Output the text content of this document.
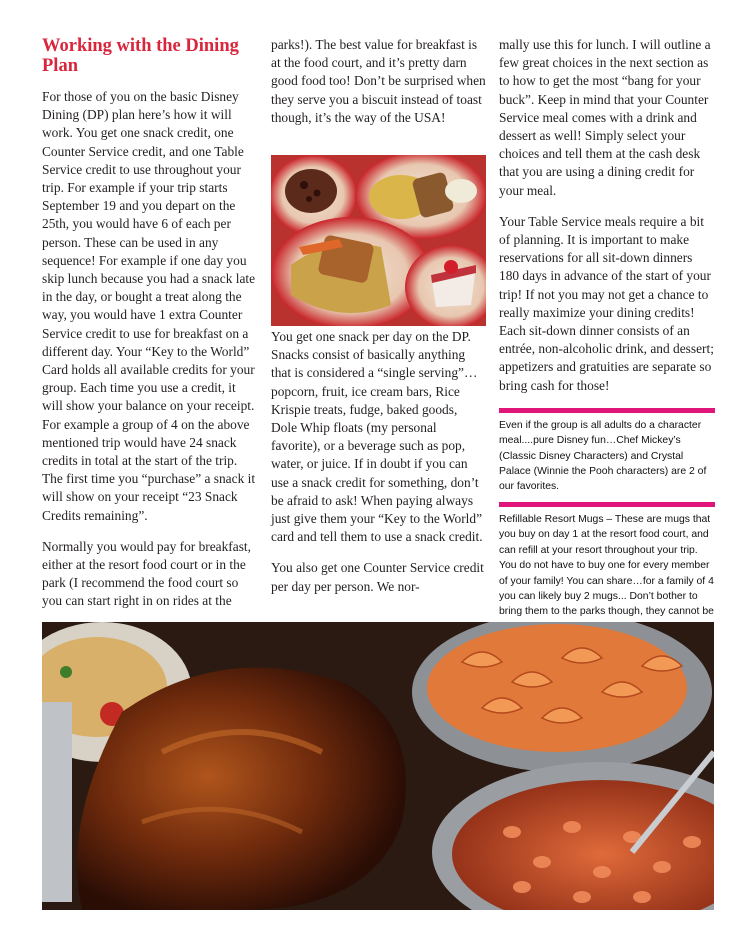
Working with the Dining Plan

For those of you on the basic Disney Dining (DP) plan here’s how it will work. You get one snack credit, one Counter Service credit, and one Table Service credit to use throughout your trip. For example if your trip starts September 19 and you depart on the 25th, you would have 6 of each per person. These can be used in any sequence! For example if one day you skip lunch because you had a snack late in the day, or bought a treat along the way, you would have 1 extra Counter Service credit to use for breakfast on a different day. Your “Key to the World” Card holds all available credits for your group. Each time you use a credit, it will show your balance on your receipt. For example a group of 4 on the above mentioned trip would have 24 snack credits in total at the start of the trip. The first time you “purchase” a snack it will show on your receipt “23 Snack Credits remaining”.

Normally you would pay for breakfast, either at the resort food court or in the park (I recommend the food court so you can start right in on rides at the

parks!). The best value for breakfast is at the food court, and it’s pretty darn good food too! Don’t be surprised when they serve you a biscuit instead of toast though, it’s the way of the USA!

You get one snack per day on the DP. Snacks consist of basically anything that is considered a “single serving”…popcorn, fruit, ice cream bars, Rice Krispie treats, fudge, baked goods, Dole Whip floats (my personal favorite), or a beverage such as pop, water, or juice. If in doubt if you can use a snack credit for something, don’t be afraid to ask! When paying always just give them your “Key to the World” card and tell them to use a snack credit.

You also get one Counter Service credit per day per person. We nor-

mally use this for lunch. I will outline a few great choices in the next section as to how to get the most “bang for your buck”. Keep in mind that your Counter Service meal comes with a drink and dessert as well! Simply select your choices and tell them at the cash desk that you are using a dining credit for your meal.

Your Table Service meals require a bit of planning. It is important to make reservations for all sit-down dinners 180 days in advance of the start of your trip! If not you may not get a chance to really maximize your dining credits! Each sit-down dinner consists of an entrée, non-alcoholic drink, and dessert; appetizers and gratuities are separate so bring cash for those!

Even if the group is all adults do a character meal....pure Disney fun…Chef Mickey’s (Classic Disney Characters) and Crystal Palace (Winnie the Pooh characters) are 2 of our favorites.

Refillable Resort Mugs – These are mugs that you buy on day 1 at the resort food court, and can refill at your resort throughout your trip. You do not have to buy one for every member of your family! You can share…for a family of 4 you can likely buy 2 mugs... Don’t bother to bring them to the parks though, they cannot be
